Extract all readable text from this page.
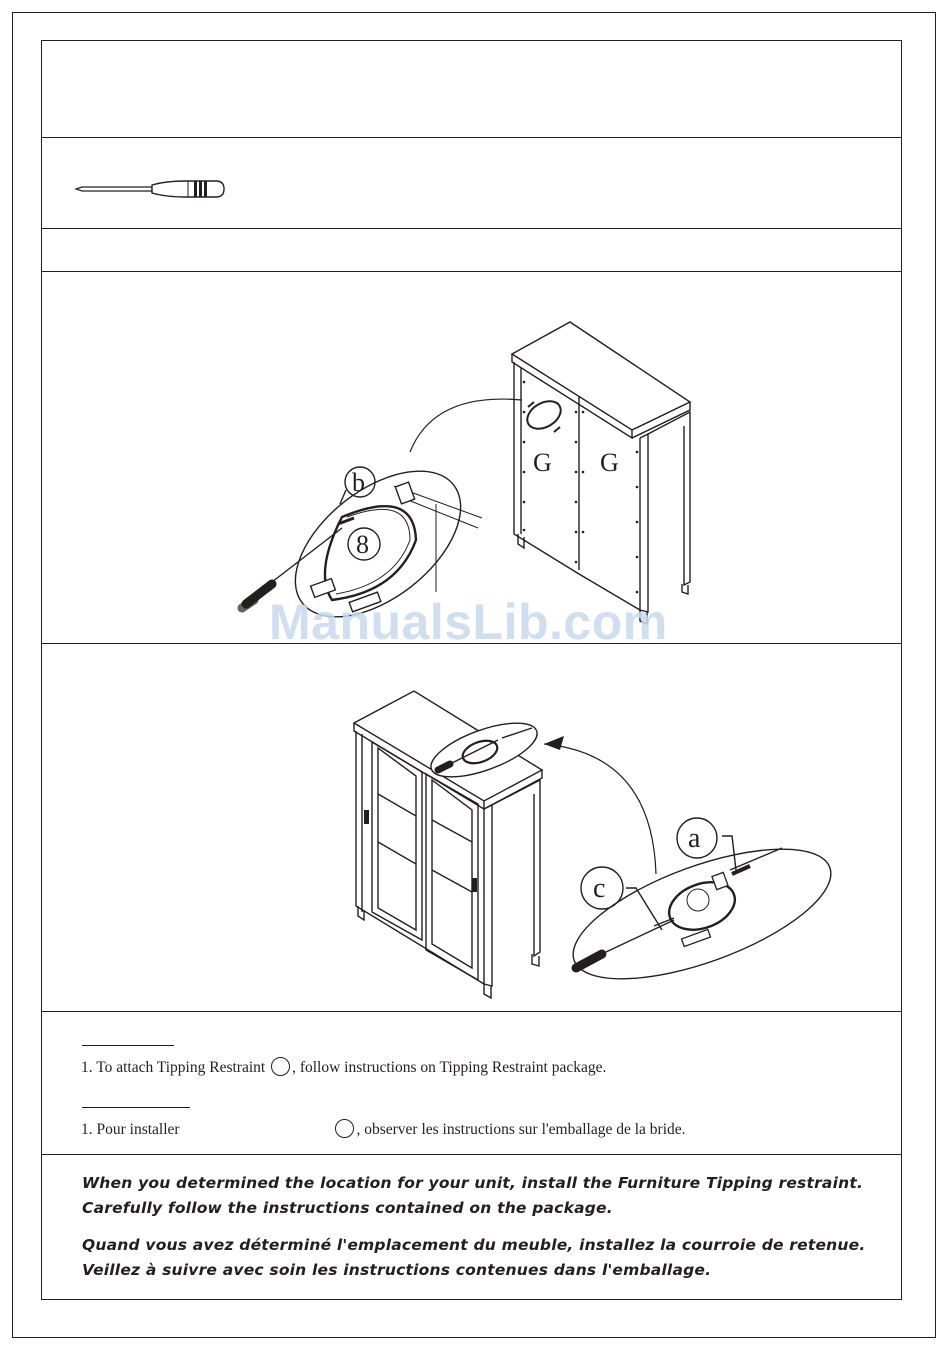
G G
b
8
ManualsLib.com
a
c
1. To attach Tipping Restraint , follow instructions on Tipping Restraint package.
1. Pour installer	, observer les instructions sur l'emballage de la bride.
When you determined the location for your unit, install the Furniture Tipping restraint.
Carefully follow the instructions contained on the package.
Quand vous avez déterminé l'emplacement du meuble, installez la courroie de retenue.
Veillez à suivre avec soin les instructions contenues dans l'emballage.
